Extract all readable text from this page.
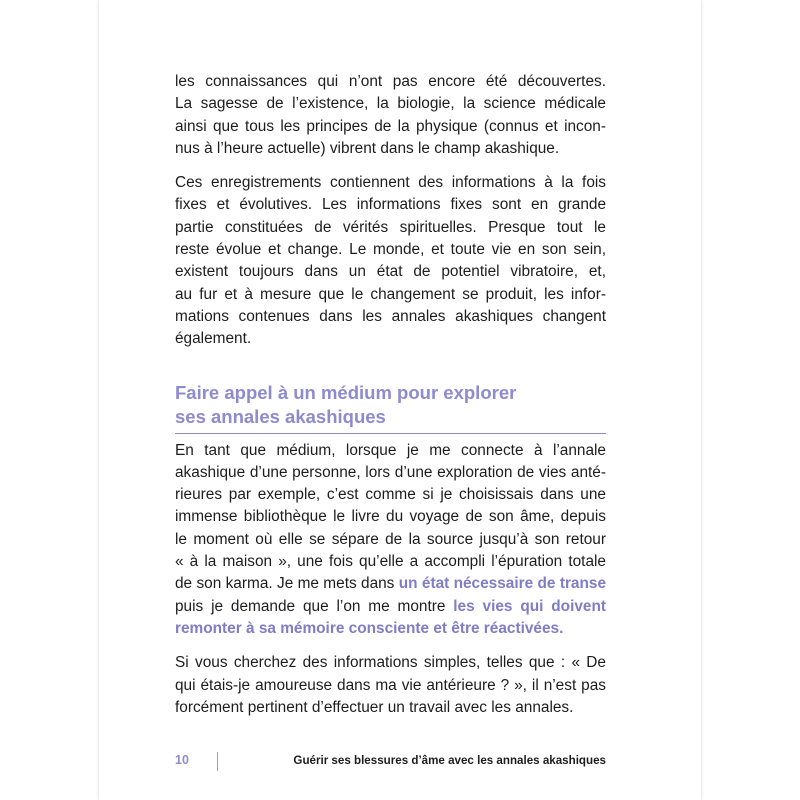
les connaissances qui n’ont pas encore été découvertes.
La sagesse de l’existence, la biologie, la science médicale
ainsi que tous les principes de la physique (connus et incon-
nus à l’heure actuelle) vibrent dans le champ akashique.

Ces enregistrements contiennent des informations à la fois
fixes et évolutives. Les informations fixes sont en grande
partie constituées de vérités spirituelles. Presque tout le
reste évolue et change. Le monde, et toute vie en son sein,
existent toujours dans un état de potentiel vibratoire, et,
au fur et à mesure que le changement se produit, les infor-
mations contenues dans les annales akashiques changent
également.

Faire appel à un médium pour explorer
ses annales akashiques

En tant que médium, lorsque je me connecte à l’annale
akashique d’une personne, lors d’une exploration de vies anté-
rieures par exemple, c’est comme si je choisissais dans une
immense bibliothèque le livre du voyage de son âme, depuis
le moment où elle se sépare de la source jusqu’à son retour
« à la maison », une fois qu’elle a accompli l’épuration totale
de son karma. Je me mets dans un état nécessaire de transe
puis je demande que l’on me montre les vies qui doivent
remonter à sa mémoire consciente et être réactivées.

Si vous cherchez des informations simples, telles que : « De
qui étais-je amoureuse dans ma vie antérieure ? », il n’est pas
forcément pertinent d’effectuer un travail avec les annales.

10	Guérir ses blessures d’âme avec les annales akashiques
